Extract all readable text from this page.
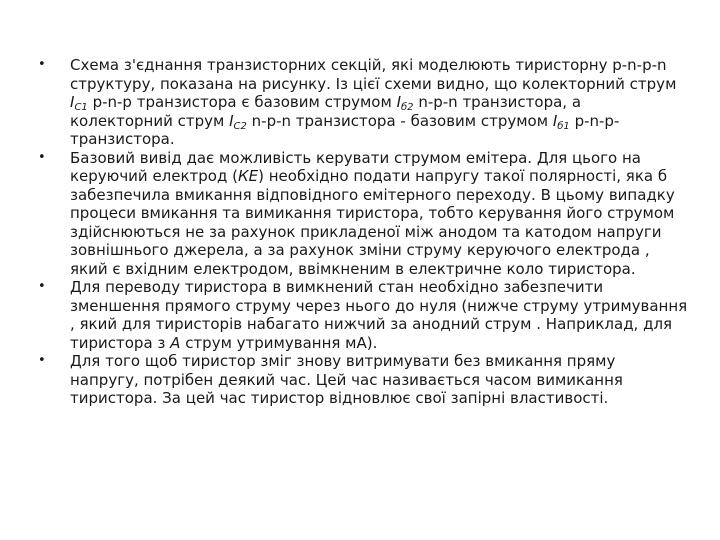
• Схема з'єднання транзисторних секцій, які моделюють тиристорну p-n-p-n структуру, показана на рисунку. Із цієї схеми видно, що колекторний струм $I_{C1}$ p-n-p транзистора є базовим струмом $I_{б2}$ n-p-n транзистора, а колекторний струм $I_{C2}$ n-p-n транзистора - базовим струмом $I_{б1}$ p-n-p-транзистора.
• Базовий вивід дає можливість керувати струмом емітера. Для цього на керуючий електрод (КЕ) необхідно подати напругу такої полярності, яка б забезпечила вмикання відповідного емітерного переходу. В цьому випадку процеси вмикання та вимикання тиристора, тобто керування його струмом здійснюються не за рахунок прикладеної між анодом та катодом напруги зовнішнього джерела, а за рахунок зміни струму керуючого електрода , який є вхідним електродом, ввімкненим в електричне коло тиристора.
• Для переводу тиристора в вимкнений стан необхідно забезпечити зменшення прямого струму через нього до нуля (нижче струму утримування , який для тиристорів набагато нижчий за анодний струм . Наприклад, для тиристора з А струм утримування мА).
• Для того щоб тиристор зміг знову витримувати без вмикання пряму напругу, потрібен деякий час. Цей час називається часом вимикання тиристора. За цей час тиристор відновлює свої запірні властивості.
